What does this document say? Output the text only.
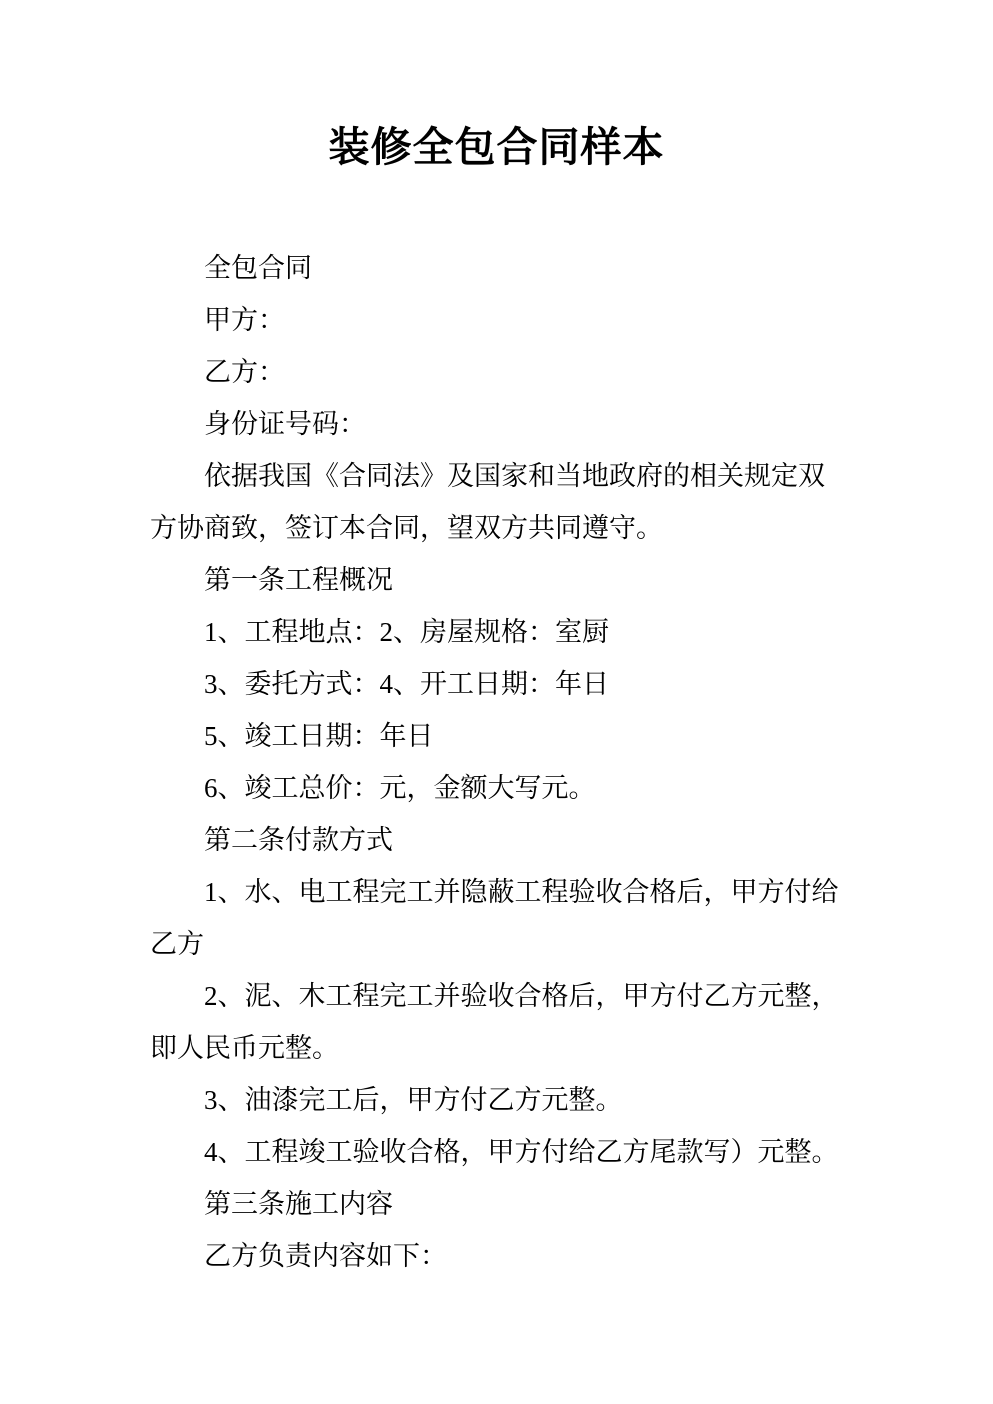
装修全包合同样本
全包合同
甲方：
乙方：
身份证号码：
依据我国《合同法》及国家和当地政府的相关规定双
方协商致，签订本合同，望双方共同遵守。
第一条工程概况
1、工程地点：2、房屋规格：室厨
3、委托方式：4、开工日期：年日
5、竣工日期：年日
6、竣工总价：元，金额大写元。
第二条付款方式
1、水、电工程完工并隐蔽工程验收合格后，甲方付给
乙方
2、泥、木工程完工并验收合格后，甲方付乙方元整，
即人民币元整。
3、油漆完工后，甲方付乙方元整。
4、工程竣工验收合格，甲方付给乙方尾款写）元整。
第三条施工内容
乙方负责内容如下：
